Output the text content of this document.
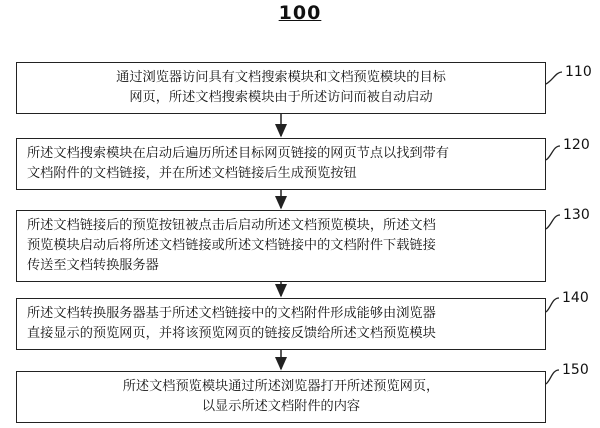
100
通过浏览器访问具有文档搜索模块和文档预览模块的目标
网页，所述文档搜索模块由于所述访问而被自动启动
110
所述文档搜索模块在启动后遍历所述目标网页链接的网页节点以找到带有
文档附件的文档链接，并在所述文档链接后生成预览按钮
120
所述文档链接后的预览按钮被点击后启动所述文档预览模块，所述文档
预览模块启动后将所述文档链接或所述文档链接中的文档附件下载链接
传送至文档转换服务器
130
所述文档转换服务器基于所述文档链接中的文档附件形成能够由浏览器
直接显示的预览网页，并将该预览网页的链接反馈给所述文档预览模块
140
所述文档预览模块通过所述浏览器打开所述预览网页，
以显示所述文档附件的内容
150
